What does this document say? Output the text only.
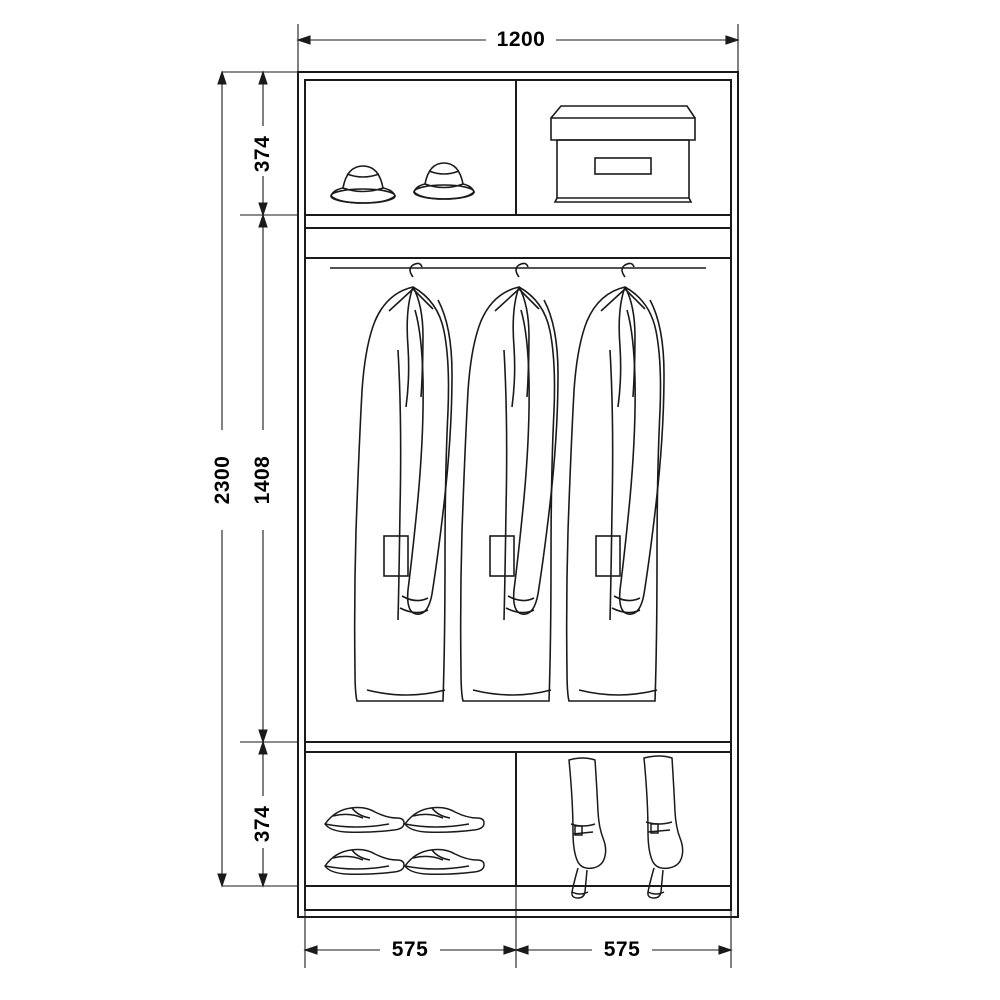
1200
2300
374
1408
374
575	575
